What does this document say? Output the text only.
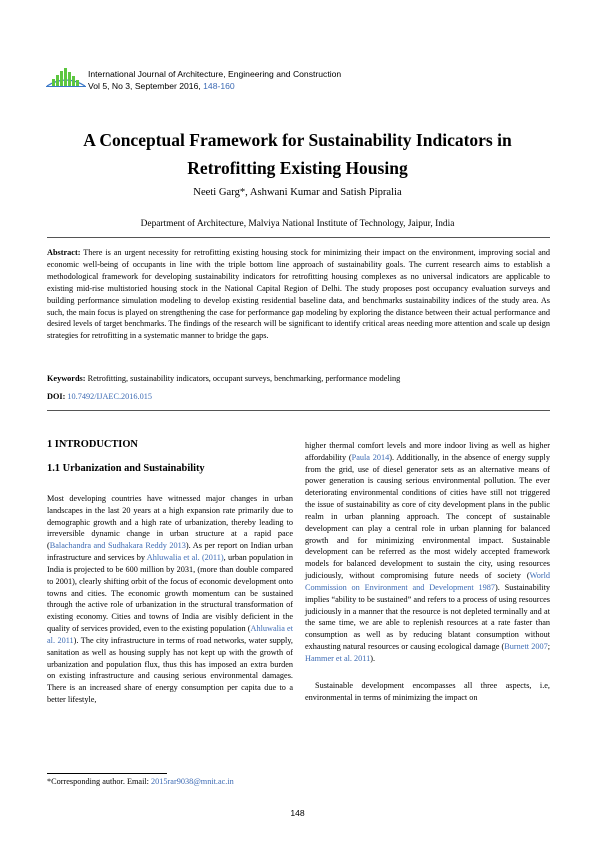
International Journal of Architecture, Engineering and Construction
Vol 5, No 3, September 2016, 148-160
A Conceptual Framework for Sustainability Indicators in Retrofitting Existing Housing
Neeti Garg*, Ashwani Kumar and Satish Pipralia
Department of Architecture, Malviya National Institute of Technology, Jaipur, India

Abstract: There is an urgent necessity for retrofitting existing housing stock for minimizing their impact on the environment, improving social and economic well-being of occupants in line with the triple bottom line approach of sustainability goals. The current research aims to establish a methodological framework for developing sustainability indicators for retrofitting housing complexes as no universal indicators are applicable to existing mid-rise multistoried housing stock in the National Capital Region of Delhi. The study proposes post occupancy evaluation surveys and building performance simulation modeling to develop existing residential baseline data, and benchmarks sustainability indices of the study area. As such, the main focus is played on strengthening the case for performance gap modeling by exploring the distance between their actual performance and desired levels of target benchmarks. The findings of the research will be significant to identify critical areas needing more attention and scale up design strategies for retrofitting in a systematic manner to bridge the gaps.

Keywords: Retrofitting, sustainability indicators, occupant surveys, benchmarking, performance modeling

DOI: 10.7492/IJAEC.2016.015

1 INTRODUCTION
1.1 Urbanization and Sustainability

Most developing countries have witnessed major changes in urban landscapes in the last 20 years at a high expansion rate primarily due to demographic growth and a high rate of urbanization, thereby leading to irreversible dynamic change in urban structure at a rapid pace (Balachandra and Sudhakara Reddy 2013). As per report on Indian urban infrastructure and services by Ahluwalia et al. (2011), urban population in India is projected to be 600 million by 2031, (more than double compared to 2001), clearly shifting orbit of the focus of economic development onto towns and cities. The economic growth momentum can be sustained through the active role of urbanization in the structural transformation of existing economy. Cities and towns of India are visibly deficient in the quality of services provided, even to the existing population (Ahluwalia et al. 2011). The city infrastructure in terms of road networks, water supply, sanitation as well as housing supply has not kept up with the growth of urbanization and population flux, thus this has imposed an extra burden on existing infrastructure and causing serious environmental damages. There is an increased share of energy consumption per capita due to a better lifestyle,

higher thermal comfort levels and more indoor living as well as higher affordability (Paula 2014). Additionally, in the absence of energy supply from the grid, use of diesel generator sets as an alternative means of power generation is causing serious environmental pollution. The ever deteriorating environmental conditions of cities have still not triggered the issue of sustainability as core of city development plans in the public realm in urban planning approach. The concept of sustainable development can play a central role in urban planning for balanced growth and for minimizing environmental impact. Sustainable development can be referred as the most widely accepted framework models for balanced development to sustain the city, using resources judiciously, without compromising future needs of society (World Commission on Environment and Development 1987). Sustainability implies “ability to be sustained” and refers to a process of using resources judiciously in a manner that the resource is not depleted terminally and at the same time, we are able to replenish resources at a rate faster than consumption as well as by reducing blatant consumption without exhausting natural resources or causing ecological damage (Burnett 2007; Hammer et al. 2011).

Sustainable development encompasses all three aspects, i.e, environmental in terms of minimizing the impact on

*Corresponding author. Email: 2015rar9038@mnit.ac.in

148
